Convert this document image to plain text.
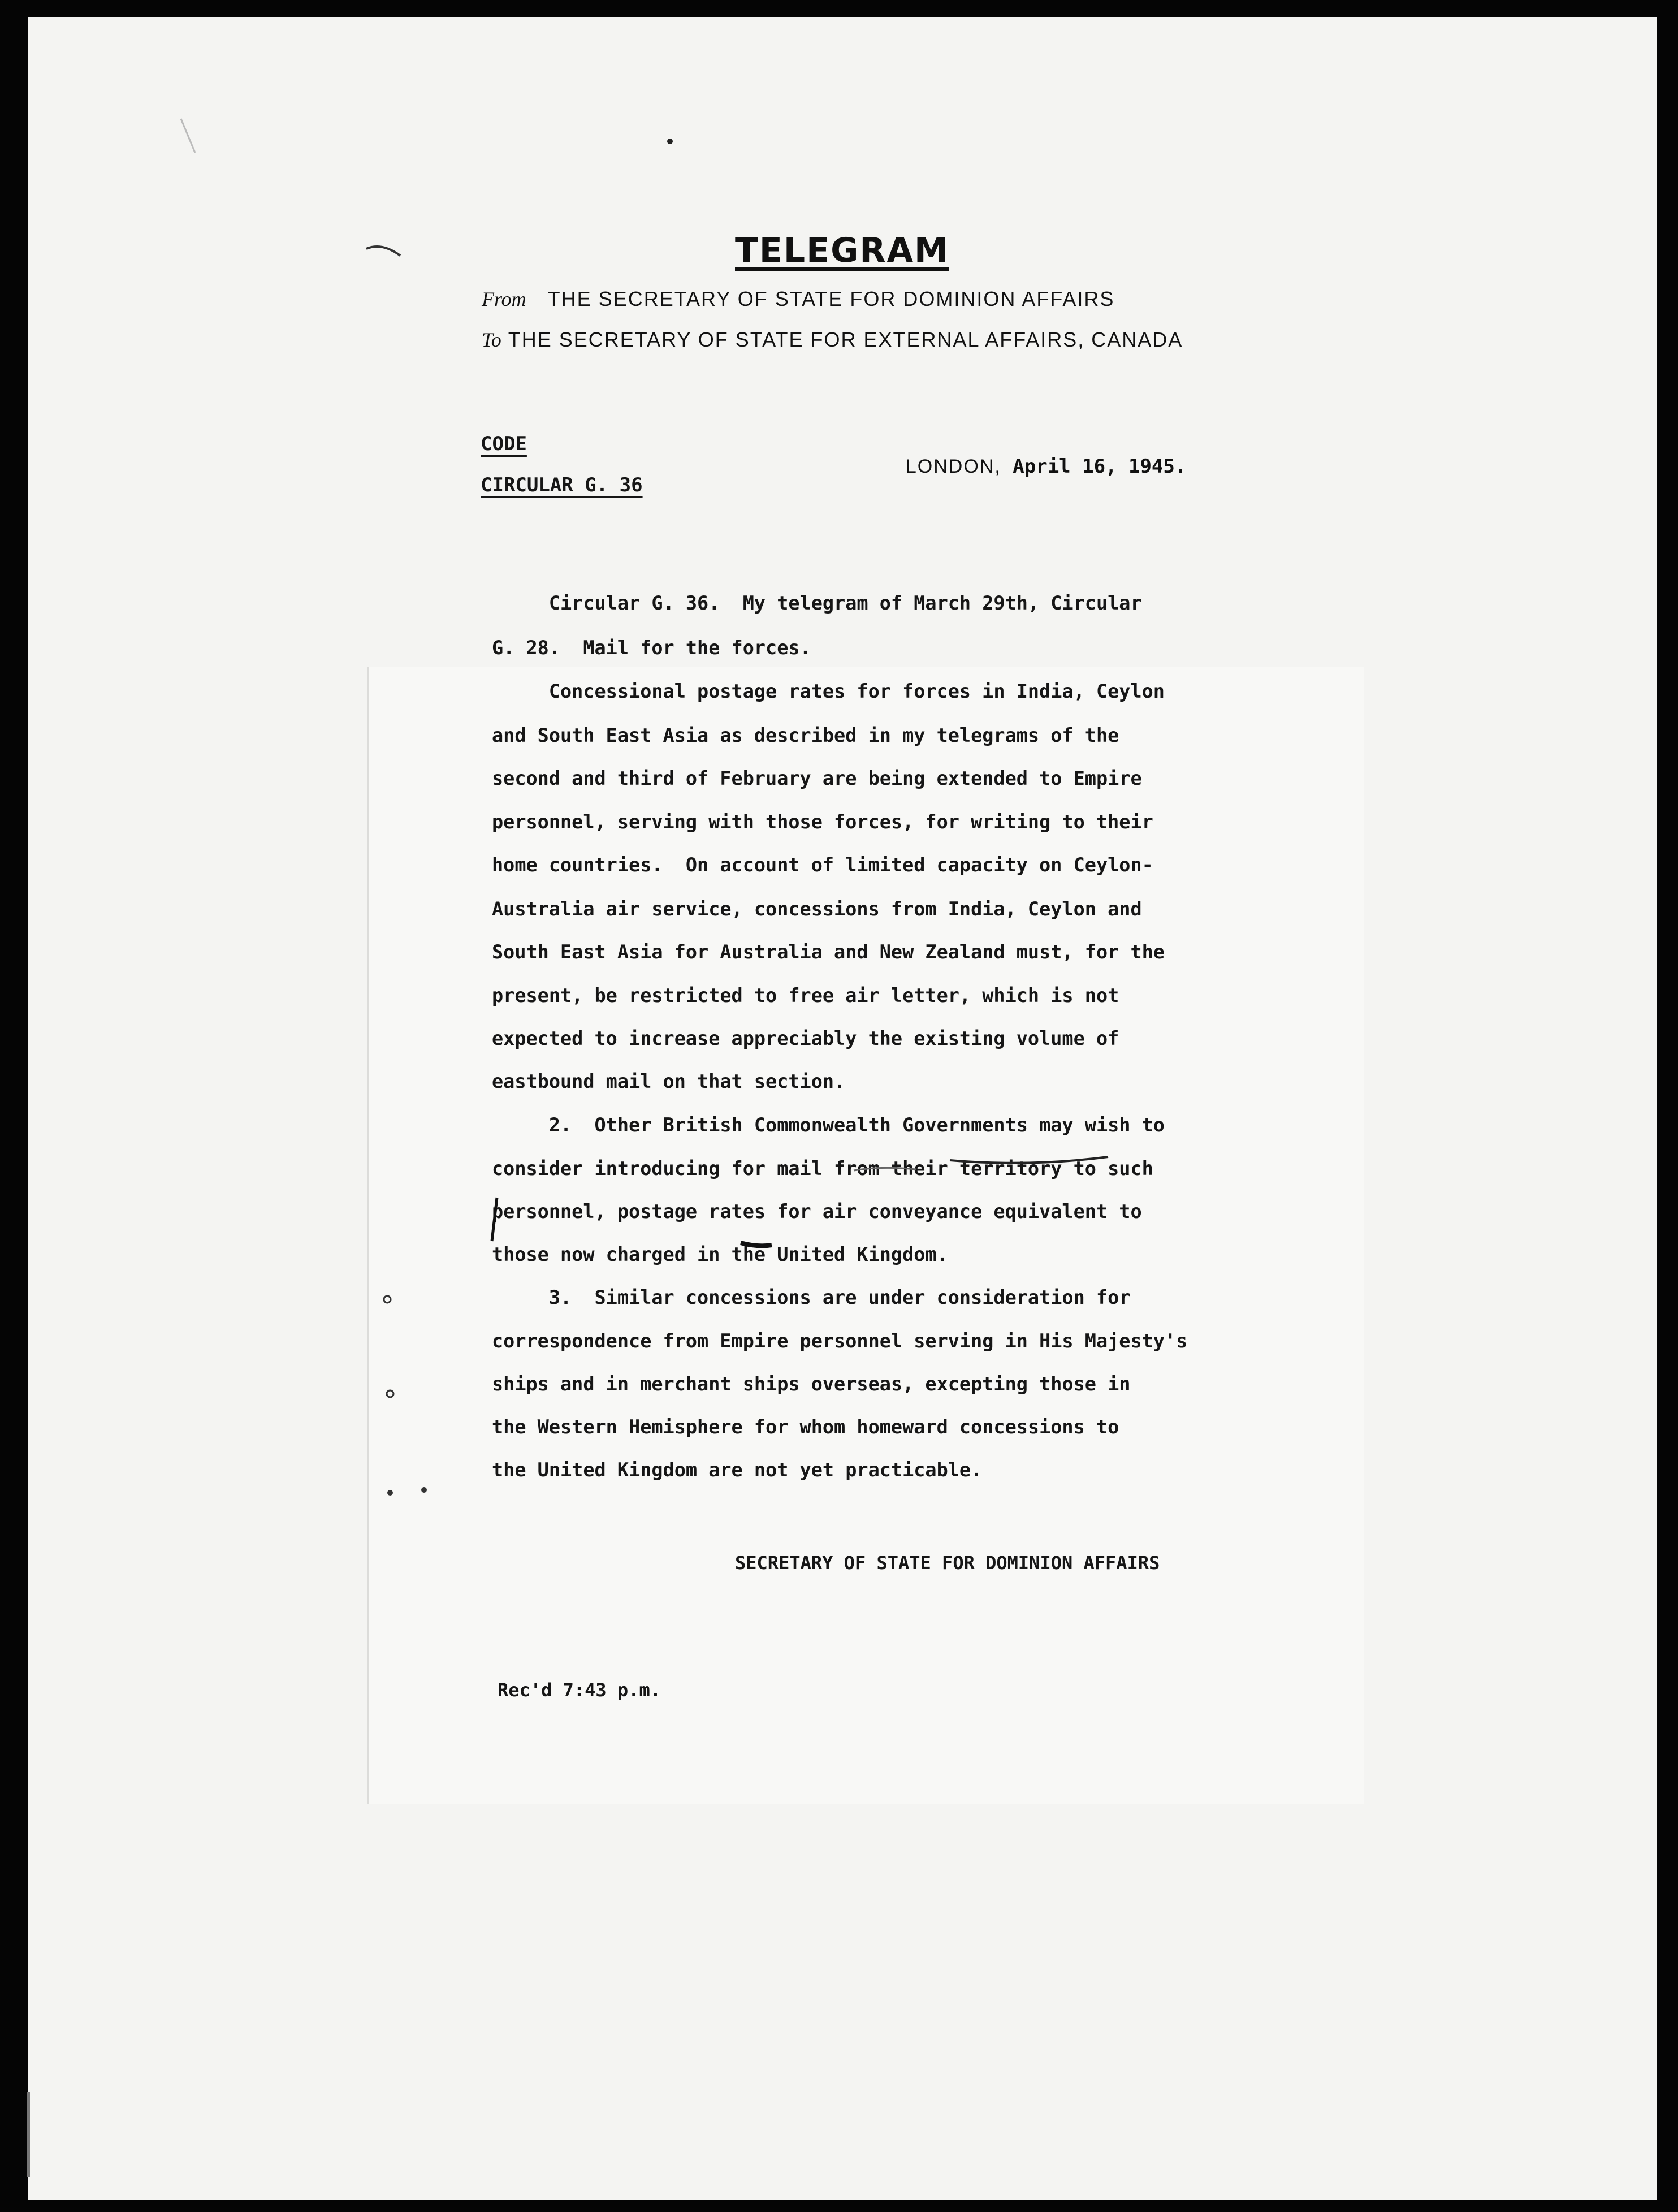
TELEGRAM
From THE SECRETARY OF STATE FOR DOMINION AFFAIRS
To THE SECRETARY OF STATE FOR EXTERNAL AFFAIRS, CANADA
CODE
CIRCULAR G. 36

LONDON, April 16, 1945.

Circular G. 36.  My telegram of March 29th, Circular
G. 28.  Mail for the forces.
Concessional postage rates for forces in India, Ceylon
and South East Asia as described in my telegrams of the
second and third of February are being extended to Empire
personnel, serving with those forces, for writing to their
home countries.  On account of limited capacity on Ceylon-
Australia air service, concessions from India, Ceylon and
South East Asia for Australia and New Zealand must, for the
present, be restricted to free air letter, which is not
expected to increase appreciably the existing volume of
eastbound mail on that section.
2.  Other British Commonwealth Governments may wish to
consider introducing for mail from their territory to such
personnel, postage rates for air conveyance equivalent to
those now charged in the United Kingdom.
3.  Similar concessions are under consideration for
correspondence from Empire personnel serving in His Majesty's
ships and in merchant ships overseas, excepting those in
the Western Hemisphere for whom homeward concessions to
the United Kingdom are not yet practicable.
SECRETARY OF STATE FOR DOMINION AFFAIRS
Rec'd 7:43 p.m.
